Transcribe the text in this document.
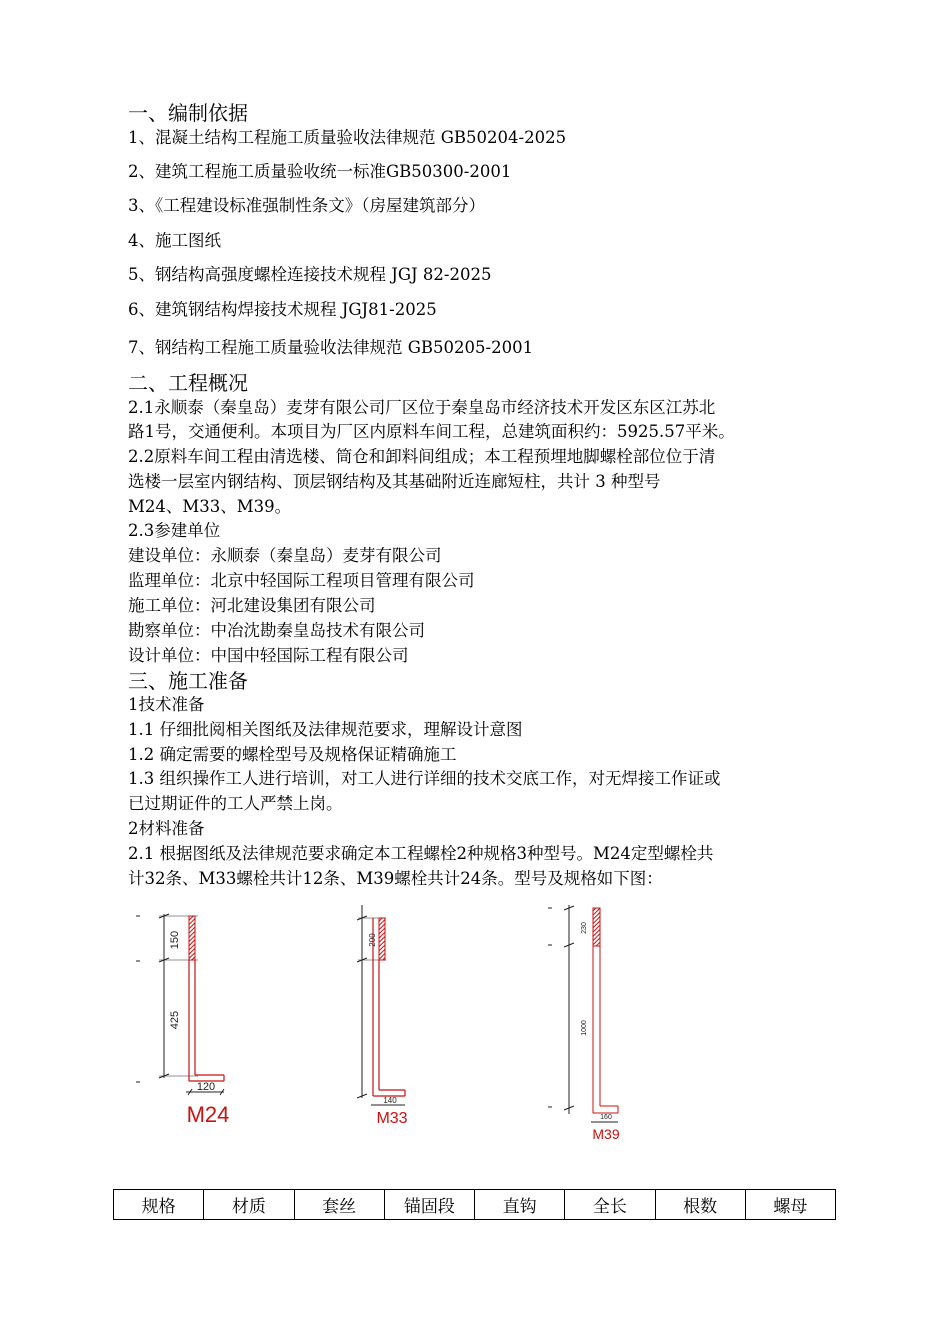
一、编制依据
1、混凝土结构工程施工质量验收法律规范 GB50204-2025
2、建筑工程施工质量验收统一标准GB50300-2001
3、《工程建设标准强制性条文》（房屋建筑部分）
4、施工图纸
5、钢结构高强度螺栓连接技术规程 JGJ 82-2025
6、建筑钢结构焊接技术规程 JGJ81-2025
7、钢结构工程施工质量验收法律规范 GB50205-2001
二、工程概况
2.1永顺泰（秦皇岛）麦芽有限公司厂区位于秦皇岛市经济技术开发区东区江苏北
路1号，交通便利。本项目为厂区内原料车间工程，总建筑面积约：5925.57平米。
2.2原料车间工程由清选楼、筒仓和卸料间组成；本工程预埋地脚螺栓部位位于清
选楼一层室内钢结构、顶层钢结构及其基础附近连廊短柱，共计 3 种型号
M24、M33、M39。
2.3参建单位
建设单位：永顺泰（秦皇岛）麦芽有限公司
监理单位：北京中轻国际工程项目管理有限公司
施工单位：河北建设集团有限公司
勘察单位：中冶沈勘秦皇岛技术有限公司
设计单位：中国中轻国际工程有限公司
三、施工准备
1技术准备
1.1 仔细批阅相关图纸及法律规范要求，理解设计意图
1.2 确定需要的螺栓型号及规格保证精确施工
1.3 组织操作工人进行培训，对工人进行详细的技术交底工作，对无焊接工作证或
已过期证件的工人严禁上岗。
2材料准备
2.1 根据图纸及法律规范要求确定本工程螺栓2种规格3种型号。M24定型螺栓共
计32条、M33螺栓共计12条、M39螺栓共计24条。型号及规格如下图：
150
425
120
M24
200
140
M33
230
1000
160
M39
规格	材质	套丝	锚固段	直钩	全长	根数	螺母
